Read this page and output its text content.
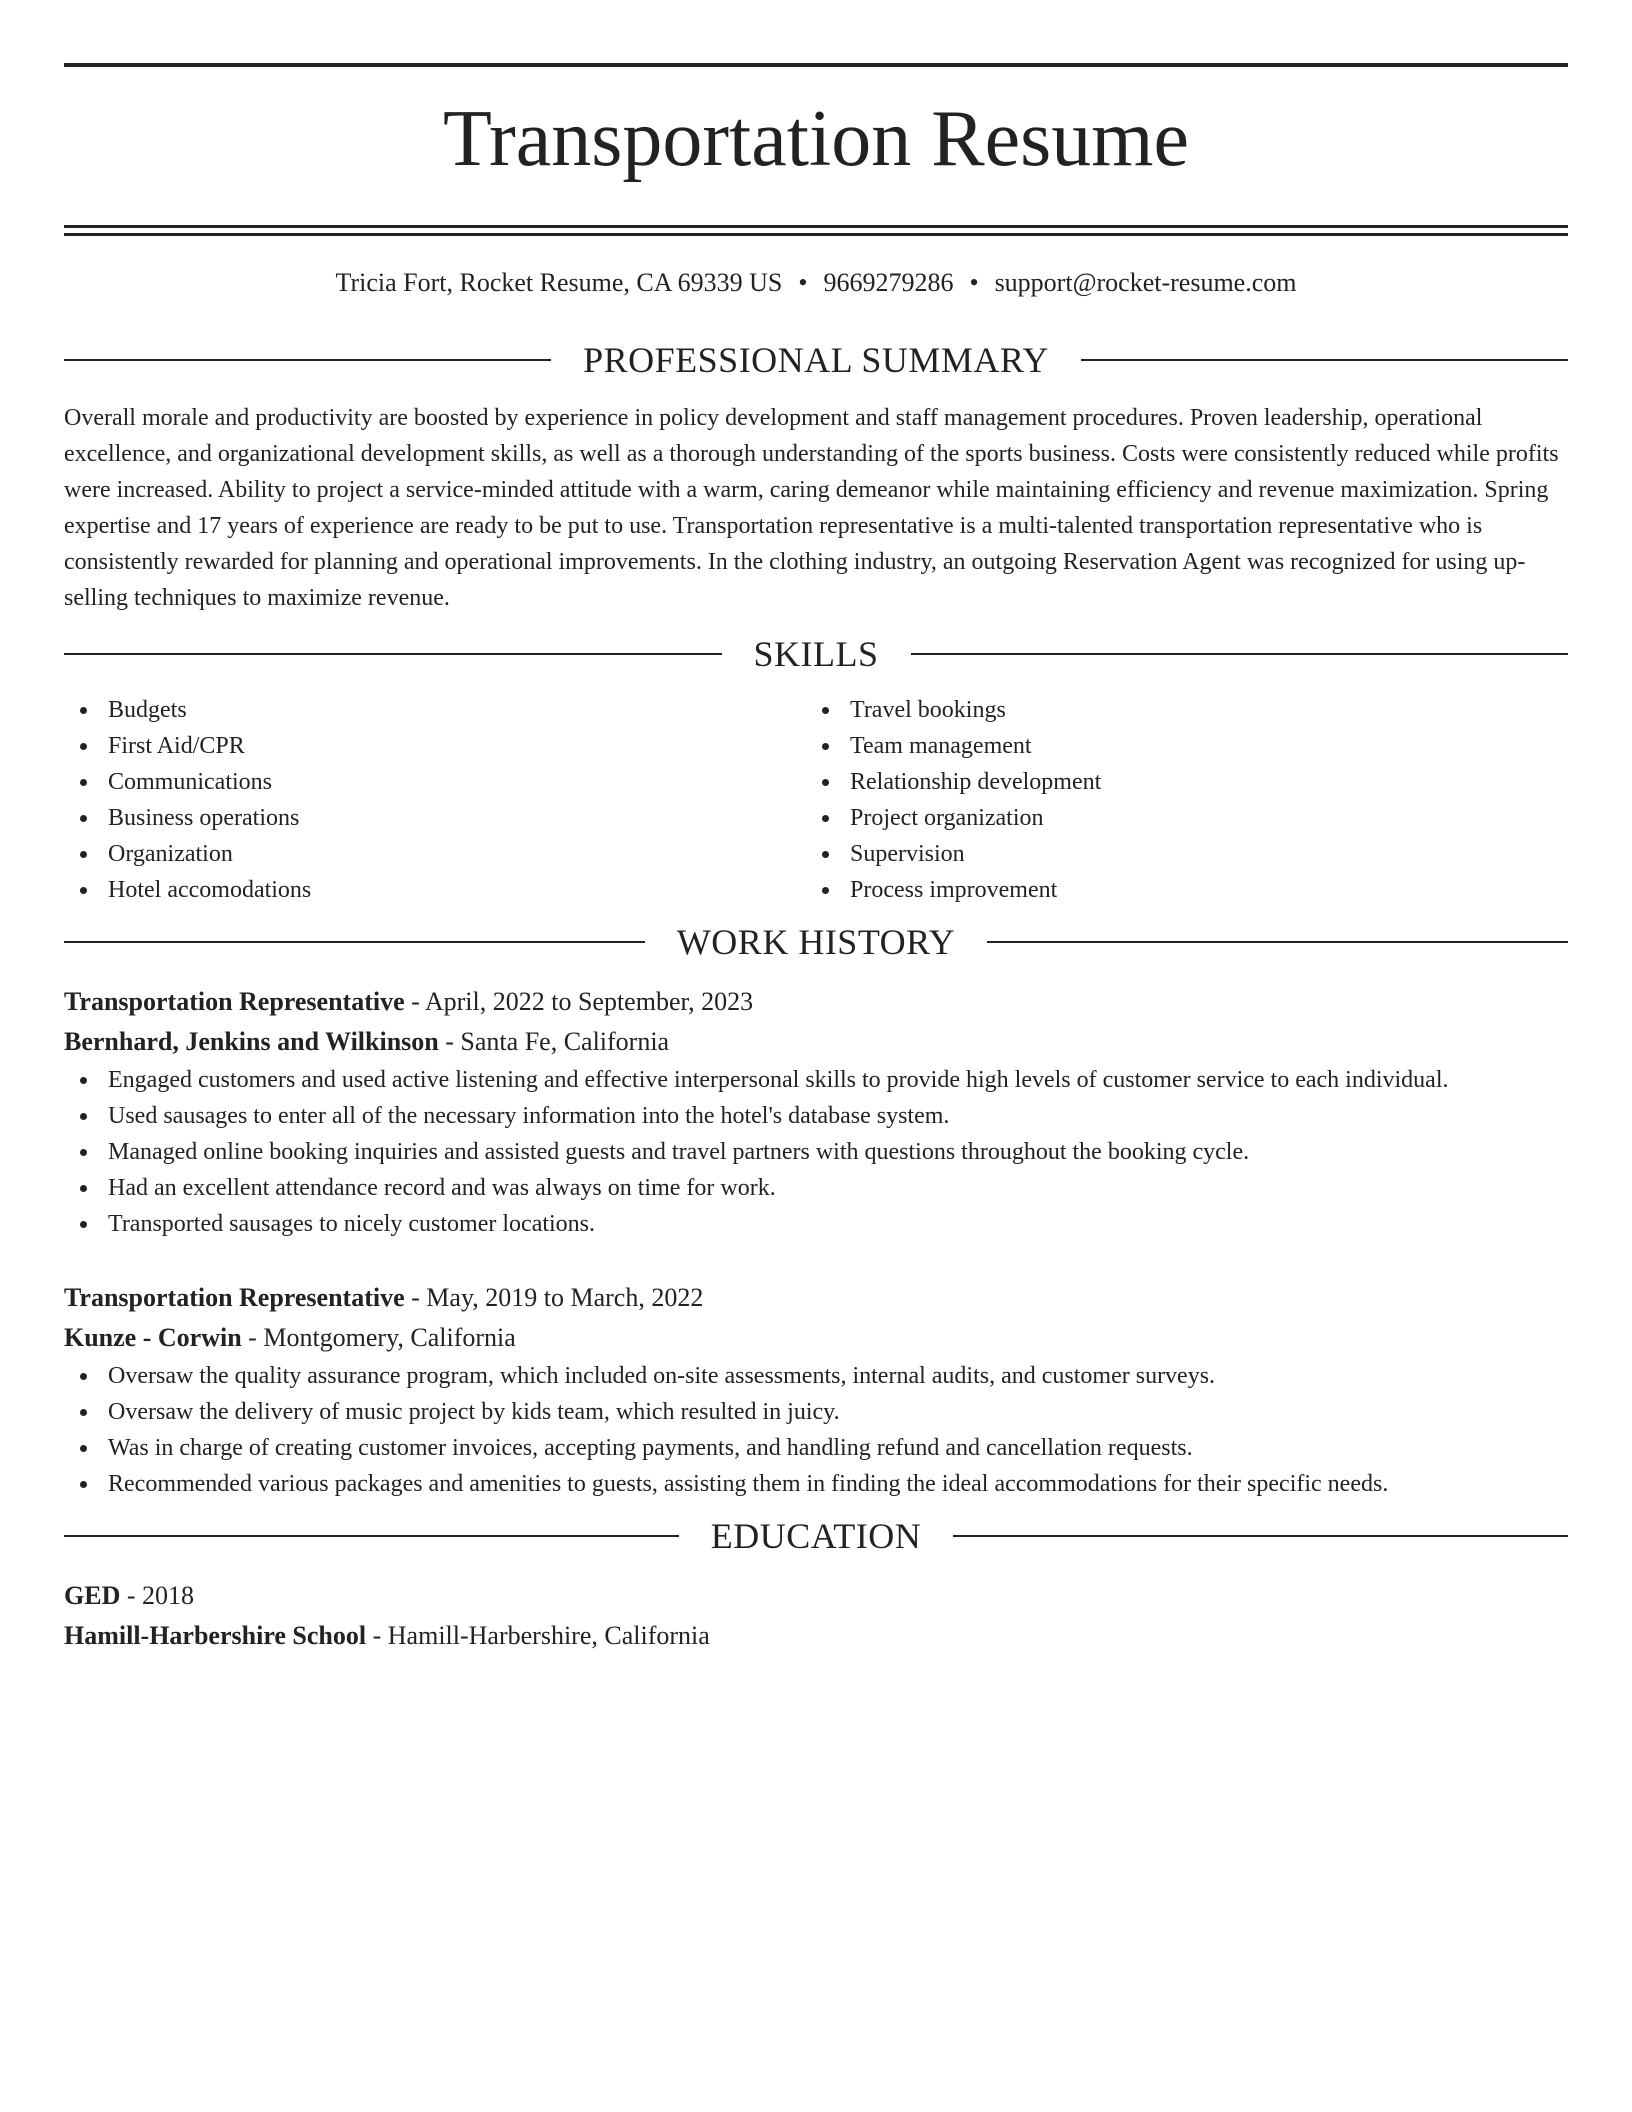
Transportation Resume
Tricia Fort, Rocket Resume, CA 69339 US • 9669279286 • support@rocket-resume.com
PROFESSIONAL SUMMARY

Overall morale and productivity are boosted by experience in policy development and staff management procedures. Proven leadership, operational excellence, and organizational development skills, as well as a thorough understanding of the sports business. Costs were consistently reduced while profits were increased. Ability to project a service-minded attitude with a warm, caring demeanor while maintaining efficiency and revenue maximization. Spring expertise and 17 years of experience are ready to be put to use. Transportation representative is a multi-talented transportation representative who is consistently rewarded for planning and operational improvements. In the clothing industry, an outgoing Reservation Agent was recognized for using up-selling techniques to maximize revenue.

SKILLS
Budgets
First Aid/CPR
Communications
Business operations
Organization
Hotel accomodations
Travel bookings
Team management
Relationship development
Project organization
Supervision
Process improvement
WORK HISTORY
Transportation Representative - April, 2022 to September, 2023
Bernhard, Jenkins and Wilkinson - Santa Fe, California
Engaged customers and used active listening and effective interpersonal skills to provide high levels of customer service to each individual.
Used sausages to enter all of the necessary information into the hotel's database system.
Managed online booking inquiries and assisted guests and travel partners with questions throughout the booking cycle.
Had an excellent attendance record and was always on time for work.
Transported sausages to nicely customer locations.
Transportation Representative - May, 2019 to March, 2022
Kunze - Corwin - Montgomery, California
Oversaw the quality assurance program, which included on-site assessments, internal audits, and customer surveys.
Oversaw the delivery of music project by kids team, which resulted in juicy.
Was in charge of creating customer invoices, accepting payments, and handling refund and cancellation requests.
Recommended various packages and amenities to guests, assisting them in finding the ideal accommodations for their specific needs.
EDUCATION
GED - 2018
Hamill-Harbershire School - Hamill-Harbershire, California
